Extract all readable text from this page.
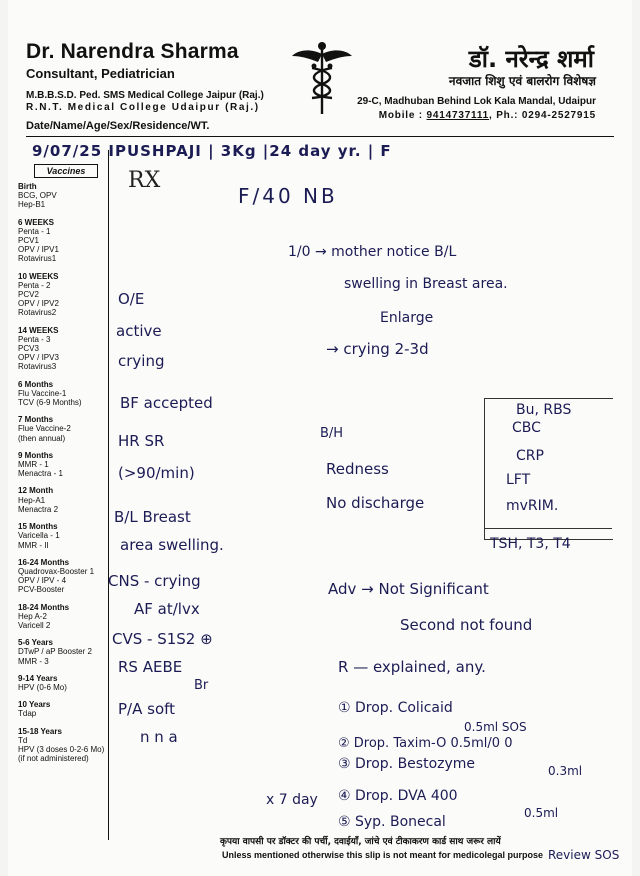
Dr. Narendra Sharma
Consultant, Pediatrician
M.B.B.S.D. Ped. SMS Medical College Jaipur (Raj.)
R.N.T. Medical College Udaipur (Raj.)
डॉ. नरेन्द्र शर्मा
नवजात शिशु एवं बालरोग विशेषज्ञ
29-C, Madhuban Behind Lok Kala Mandal, Udaipur
Mobile : 9414737111, Ph.: 0294-2527915
Date/Name/Age/Sex/Residence/WT.
Vaccines
Birth
BCG, OPV
Hep-B1
6 WEEKS
Penta - 1
PCV1
OPV / IPV1
Rotavirus1
10 WEEKS
Penta - 2
PCV2
OPV / IPV2
Rotavirus2
14 WEEKS
Penta - 3
PCV3
OPV / IPV3
Rotavirus3
6 Months
Flu Vaccine-1
TCV (6-9 Months)
7 Months
Flue Vaccine-2
(then annual)
9 Months
MMR - 1
Menactra - 1
12 Month
Hep-A1
Menactra 2
15 Months
Varicella - 1
MMR - II
16-24 Months
Quadrovax-Booster 1
OPV / IPV - 4
PCV-Booster
18-24 Months
Hep A-2
Varicell 2
5-6 Years
DTwP / aP Booster 2
MMR - 3
9-14 Years
HPV (0-6 Mo)
10 Years
Tdap
15-18 Years
Td
HPV (3 doses 0-2-6 Mo)
(if not administered)
9/07/25 IPUSHPAJI | 3Kg |24 day yr. | F
RX
F/40 NB
1/0 → mother notice B/L
swelling in Breast area.
Enlarge
→ crying 2-3d
O/E
active
crying
BF accepted
HR SR
(>90/min)
B/L Breast
area swelling.
CNS - crying
AF at/lvx
CVS - S1S2 ⊕
RS AEBE
Br
P/A soft
n n a
B/H
Redness
No discharge
Bu, RBS
CBC
CRP
LFT
mvRIM.
TSH, T3, T4
Adv → Not Significant
Second not found
R — explained, any.
① Drop. Colicaid
0.5ml SOS
② Drop. Taxim-O 0.5ml/0 0
③ Drop. Bestozyme	0.3ml
④ Drop. DVA 400
0.5ml
⑤ Syp. Bonecal
x 7 day
Review SOS
कृपया वापसी पर डॉक्टर की पर्ची, दवाईयाँ, जांचे एवं टीकाकरण कार्ड साथ जरूर लायें
Unless mentioned otherwise this slip is not meant for medicolegal purpose
